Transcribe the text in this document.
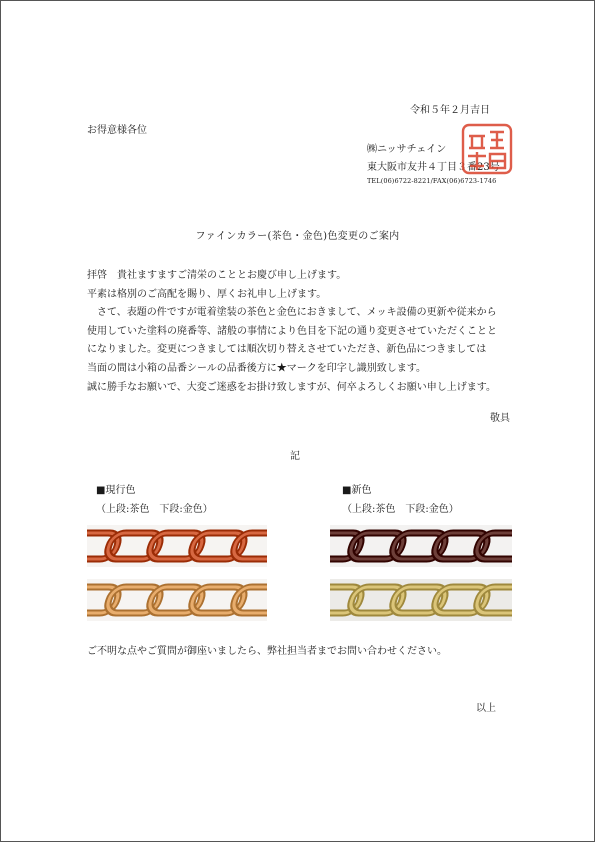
令和５年２月吉日
お得意様各位
㈱ニッサチェイン
東大阪市友井４丁目３番23号
TEL(06)6722-8221/FAX(06)6723-1746
ファインカラー(茶色・金色)色変更のご案内

拝啓　貴社ますますご清栄のこととお慶び申し上げます。

平素は格別のご高配を賜り、厚くお礼申し上げます。

　さて、表題の件ですが電着塗装の茶色と金色におきまして、メッキ設備の更新や従来から

使用していた塗料の廃番等、諸般の事情により色目を下記の通り変更させていただくことと

になりました。変更につきましては順次切り替えさせていただき、新色品につきましては

当面の間は小箱の品番シールの品番後方に★マークを印字し識別致します。

誠に勝手なお願いで、大変ご迷惑をお掛け致しますが、何卒よろしくお願い申し上げます。

敬具
記
■現行色
（上段:茶色　下段:金色）
■新色
（上段:茶色　下段:金色）
ご不明な点やご質問が御座いましたら、弊社担当者までお問い合わせください。
以上
